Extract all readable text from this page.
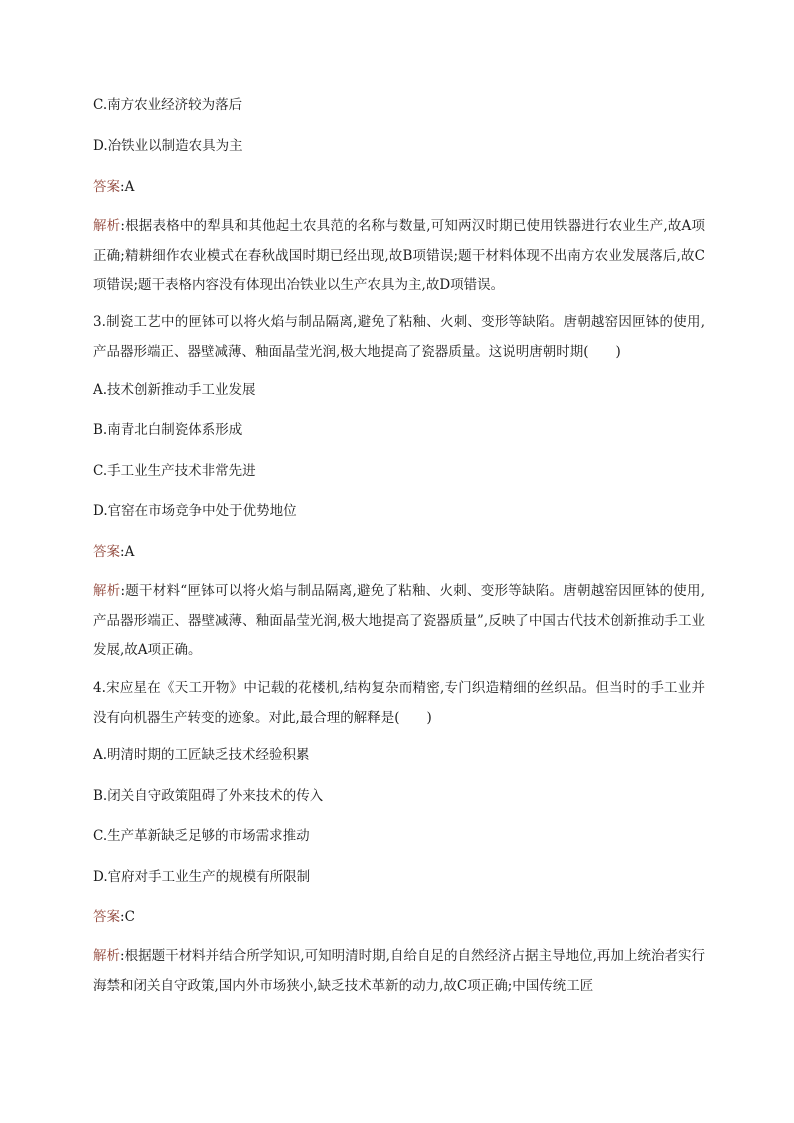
C.南方农业经济较为落后
D.冶铁业以制造农具为主
答案:A
解析:根据表格中的犁具和其他起土农具范的名称与数量,可知两汉时期已使用铁器进行农业生产,故A项正确;精耕细作农业模式在春秋战国时期已经出现,故B项错误;题干材料体现不出南方农业发展落后,故C项错误;题干表格内容没有体现出冶铁业以生产农具为主,故D项错误。
3.制瓷工艺中的匣钵可以将火焰与制品隔离,避免了粘釉、火刺、变形等缺陷。唐朝越窑因匣钵的使用,产品器形端正、器壁减薄、釉面晶莹光润,极大地提高了瓷器质量。这说明唐朝时期(　　)
A.技术创新推动手工业发展
B.南青北白制瓷体系形成
C.手工业生产技术非常先进
D.官窑在市场竞争中处于优势地位
答案:A
解析:题干材料“匣钵可以将火焰与制品隔离,避免了粘釉、火刺、变形等缺陷。唐朝越窑因匣钵的使用,产品器形端正、器壁减薄、釉面晶莹光润,极大地提高了瓷器质量”,反映了中国古代技术创新推动手工业发展,故A项正确。
4.宋应星在《天工开物》中记载的花楼机,结构复杂而精密,专门织造精细的丝织品。但当时的手工业并没有向机器生产转变的迹象。对此,最合理的解释是(　　)
A.明清时期的工匠缺乏技术经验积累
B.闭关自守政策阻碍了外来技术的传入
C.生产革新缺乏足够的市场需求推动
D.官府对手工业生产的规模有所限制
答案:C
解析:根据题干材料并结合所学知识,可知明清时期,自给自足的自然经济占据主导地位,再加上统治者实行海禁和闭关自守政策,国内外市场狭小,缺乏技术革新的动力,故C项正确;中国传统工匠
